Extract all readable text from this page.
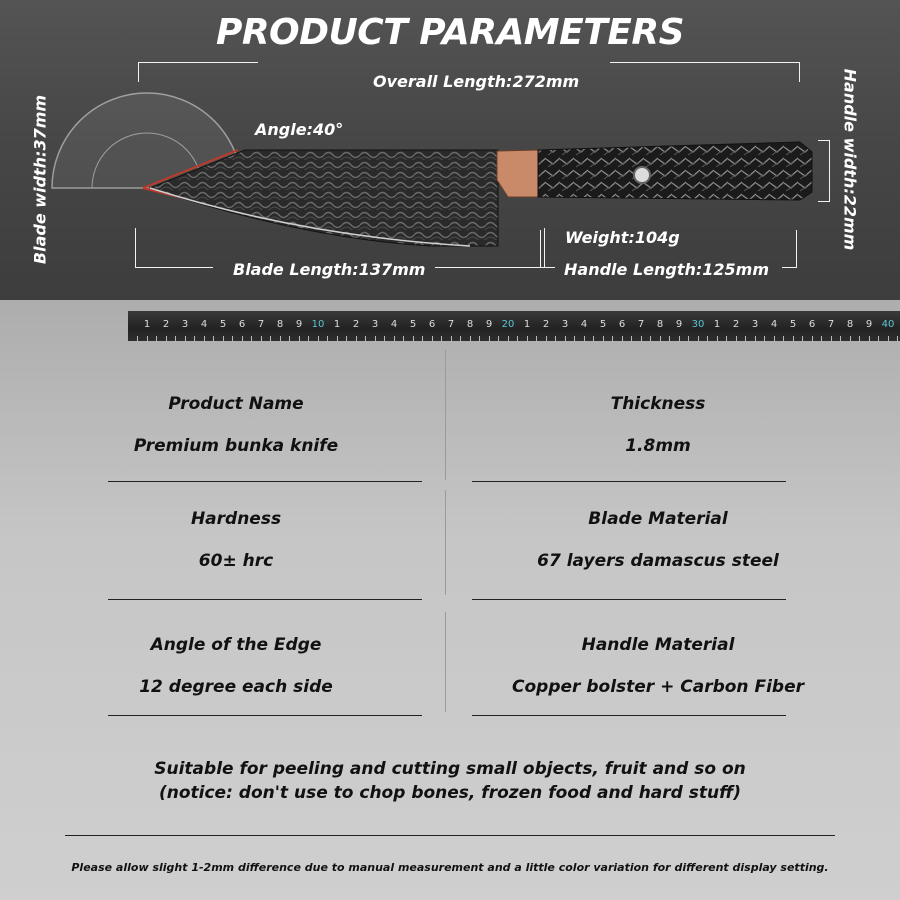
PRODUCT PARAMETERS
Overall Length:272mm
Angle:40°
Weight:104g
Blade Length:137mm	Handle Length:125mm
Blade width:37mm	Handle width:22mm
1 2 3 4 5 6 7 8 9 10 1 2 3 4 5 6 7 8 9 20 1 2 3 4 5 6 7 8 9 30 1 2 3 4 5 6 7 8 9 40
Product Name
Premium bunka knife
Thickness
1.8mm
Hardness
60± hrc
Blade Material
67 layers damascus steel
Angle of the Edge
12 degree each side
Handle Material
Copper bolster + Carbon Fiber
Suitable for peeling and cutting small objects, fruit and so on
(notice: don't use to chop bones, frozen food and hard stuff)
Please allow slight 1-2mm difference due to manual measurement and a little color variation for different display setting.
